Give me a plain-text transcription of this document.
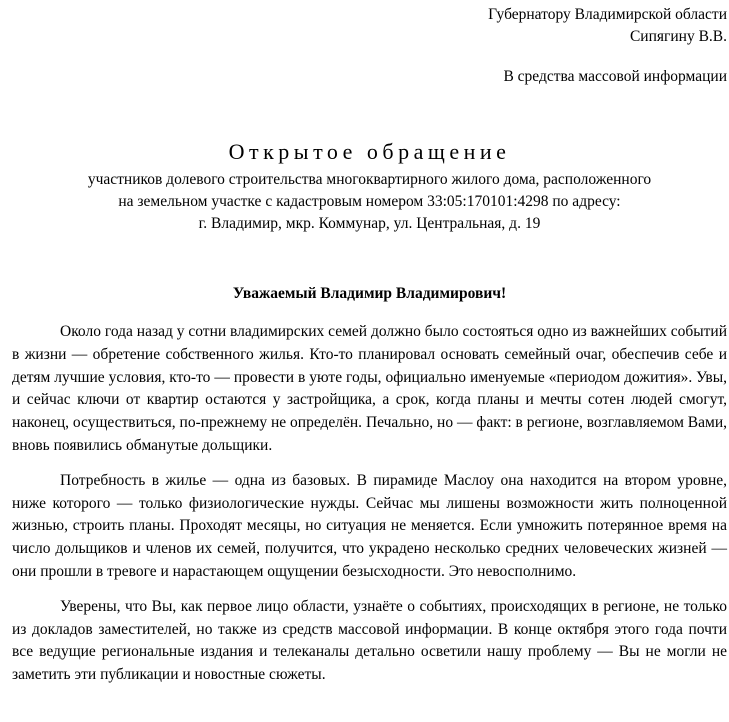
Губернатору Владимирской области
Сипягину В.В.
В средства массовой информации
Открытое обращение
участников долевого строительства многоквартирного жилого дома, расположенного
на земельном участке с кадастровым номером 33:05:170101:4298 по адресу:
г. Владимир, мкр. Коммунар, ул. Центральная, д. 19
Уважаемый Владимир Владимирович!

Около года назад у сотни владимирских семей должно было состояться одно из важнейших событий в жизни — обретение собственного жилья. Кто-то планировал основать семейный очаг, обеспечив себе и детям лучшие условия, кто-то — провести в уюте годы, официально именуемые «периодом дожития». Увы, и сейчас ключи от квартир остаются у застройщика, а срок, когда планы и мечты сотен людей смогут, наконец, осуществиться, по-прежнему не определён. Печально, но — факт: в регионе, возглавляемом Вами, вновь появились обманутые дольщики.

Потребность в жилье — одна из базовых. В пирамиде Маслоу она находится на втором уровне, ниже которого — только физиологические нужды. Сейчас мы лишены возможности жить полноценной жизнью, строить планы. Проходят месяцы, но ситуация не меняется. Если умножить потерянное время на число дольщиков и членов их семей, получится, что украдено несколько средних человеческих жизней — они прошли в тревоге и нарастающем ощущении безысходности. Это невосполнимо.

Уверены, что Вы, как первое лицо области, узнаёте о событиях, происходящих в регионе, не только из докладов заместителей, но также из средств массовой информации. В конце октября этого года почти все ведущие региональные издания и телеканалы детально осветили нашу проблему — Вы не могли не заметить эти публикации и новостные сюжеты.
